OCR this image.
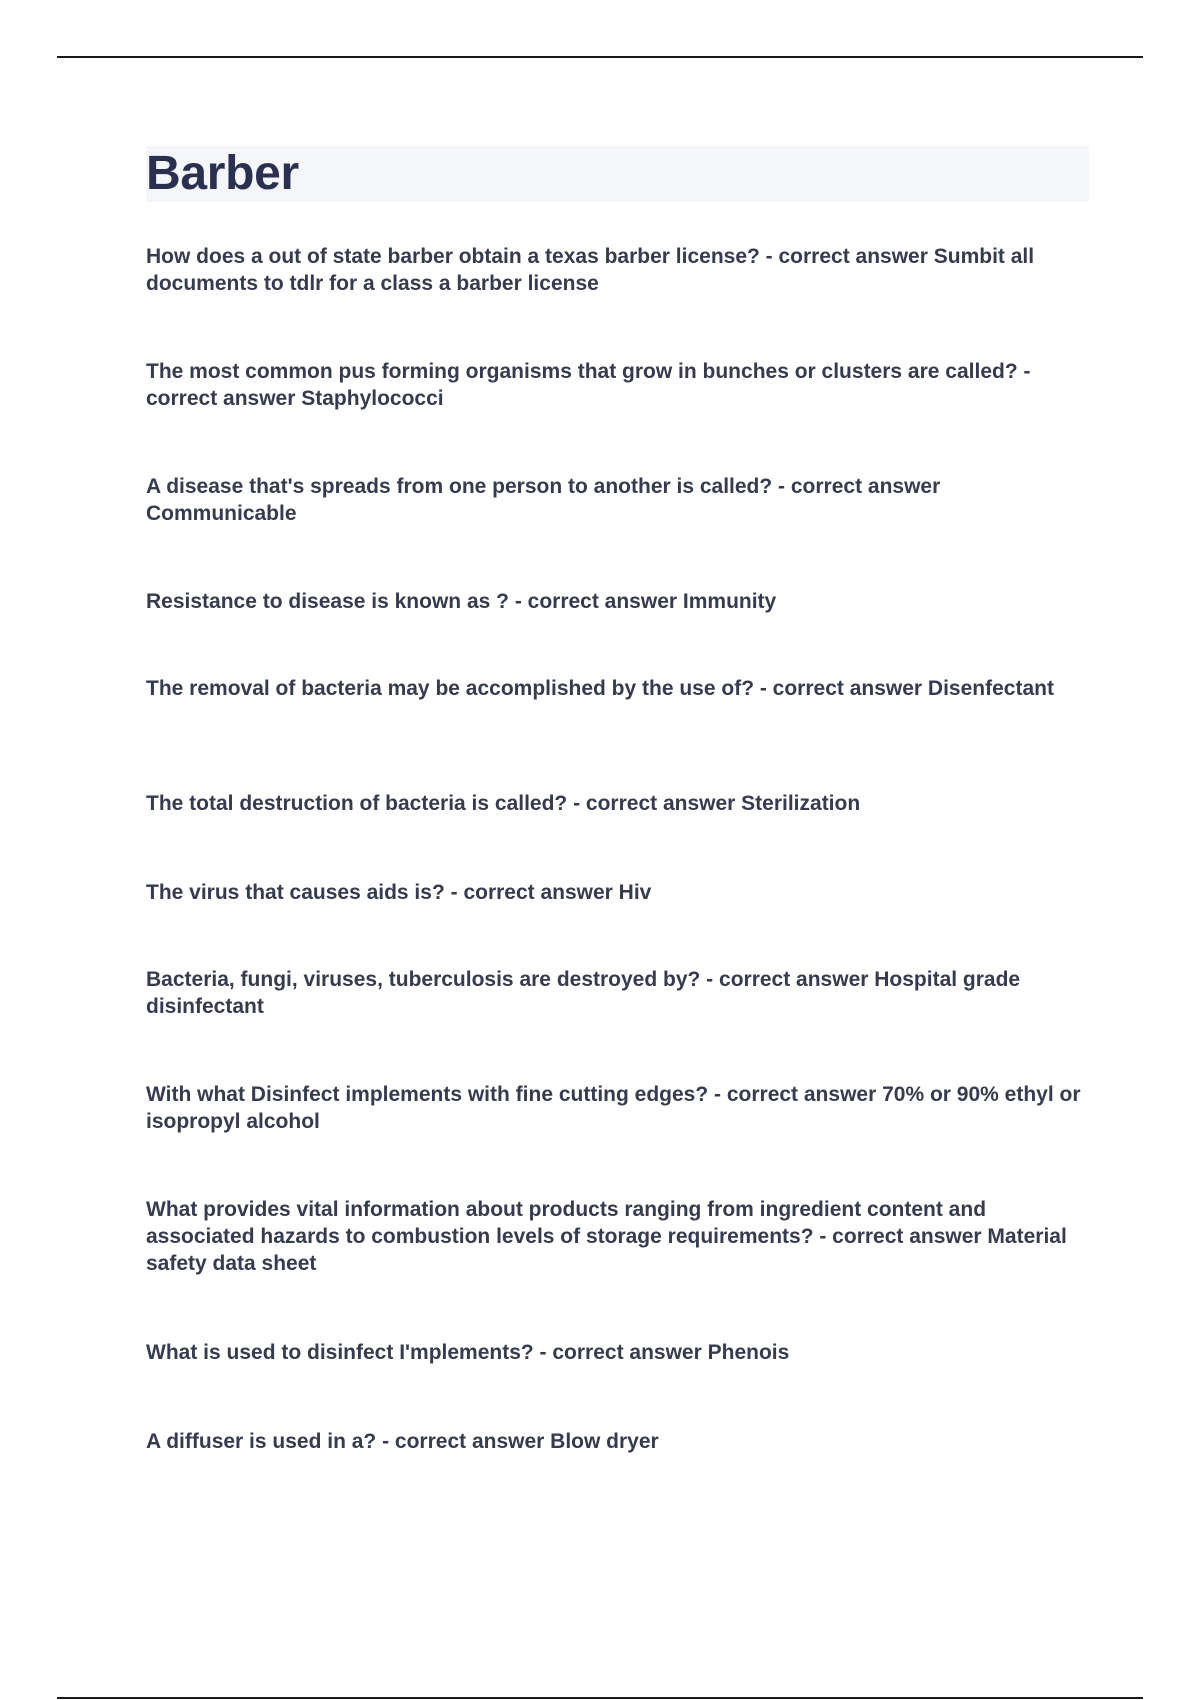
Barber

How does a out of state barber obtain a texas barber license? - correct answer Sumbit all documents to tdlr for a class a barber license

The most common pus forming organisms that grow in bunches or clusters are called? - correct answer Staphylococci

A disease that's spreads from one person to another is called? - correct answer Communicable

Resistance to disease is known as ? - correct answer Immunity

The removal of bacteria may be accomplished by the use of? - correct answer Disenfectant

The total destruction of bacteria is called? - correct answer Sterilization

The virus that causes aids is? - correct answer Hiv

Bacteria, fungi, viruses, tuberculosis are destroyed by? - correct answer Hospital grade disinfectant

With what Disinfect implements with fine cutting edges? - correct answer 70% or 90% ethyl or isopropyl alcohol

What provides vital information about products ranging from ingredient content and associated hazards to combustion levels of storage requirements? - correct answer Material safety data sheet

What is used to disinfect I'mplements? - correct answer Phenois

A diffuser is used in a? - correct answer Blow dryer
